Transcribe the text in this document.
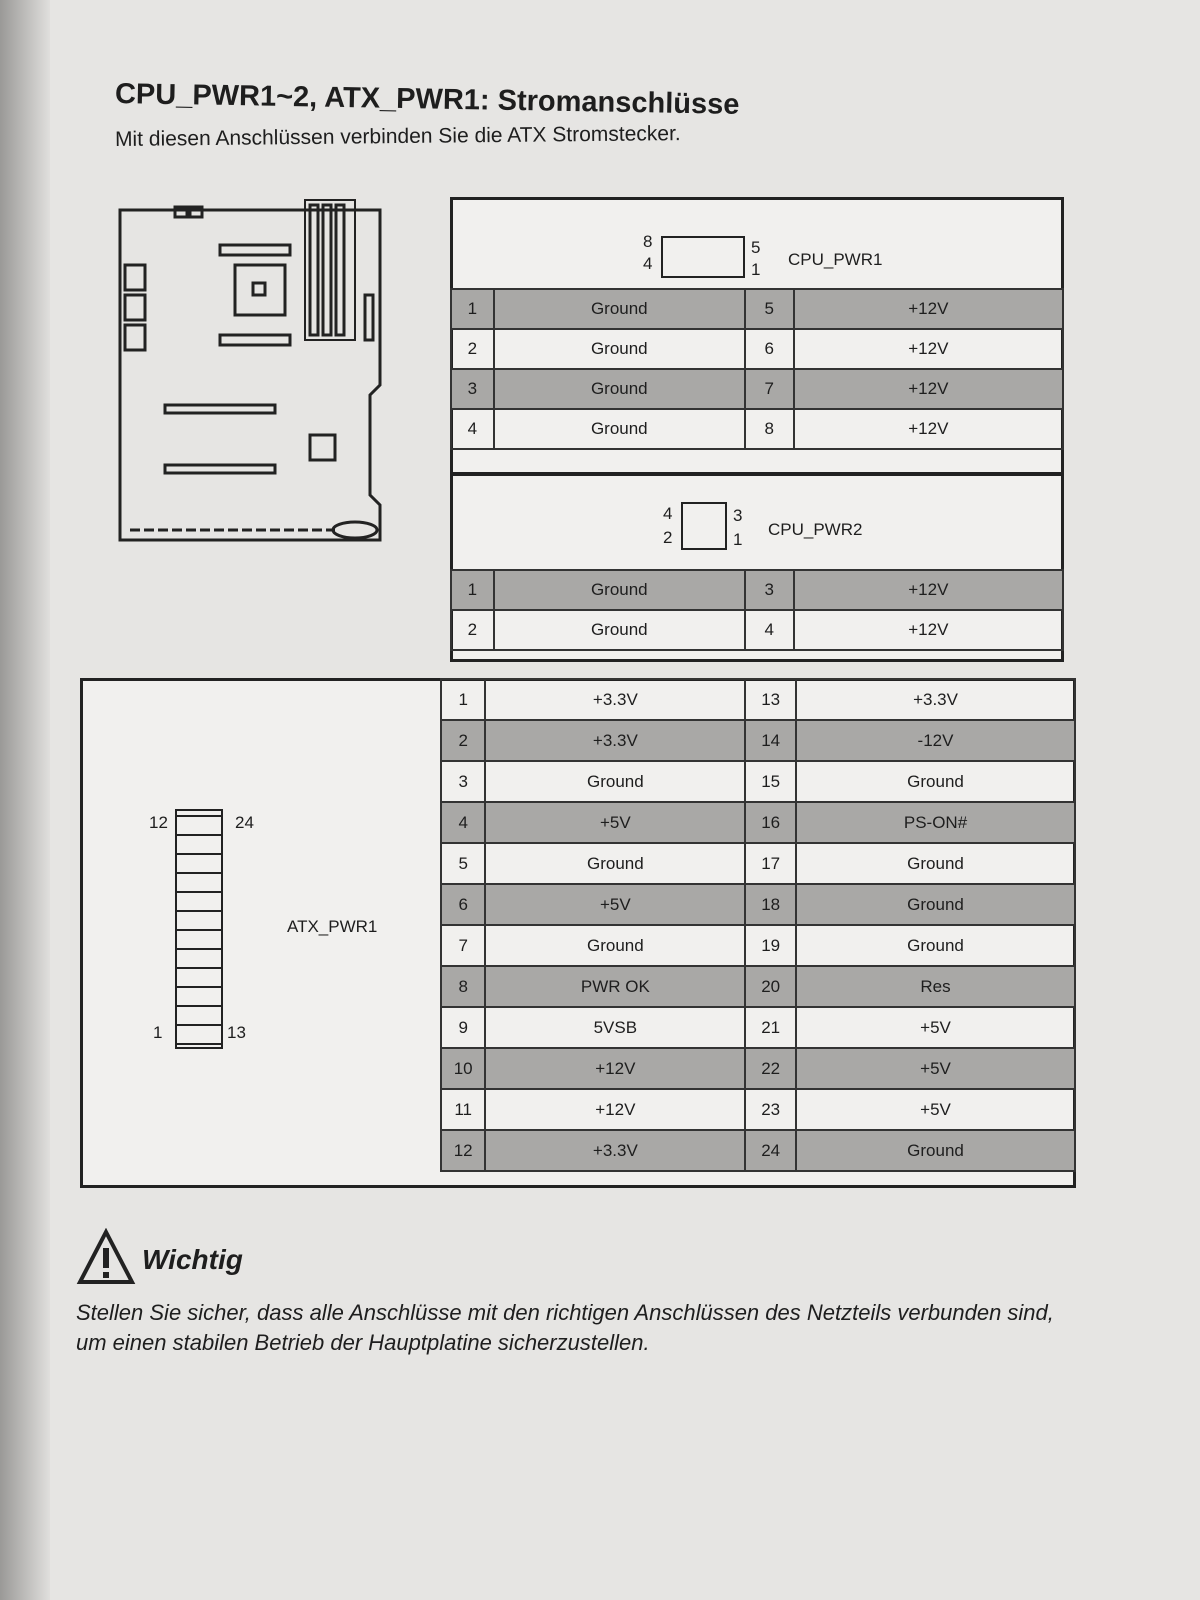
CPU_PWR1~2, ATX_PWR1: Stromanschlüsse
Mit diesen Anschlüssen verbinden Sie die ATX Stromstecker.
8
4
5
1
CPU_PWR1
1	Ground	5	+12V
2	Ground	6	+12V
3	Ground	7	+12V
4	Ground	8	+12V
4
2
3
1
CPU_PWR2
1	Ground	3	+12V
2	Ground	4	+12V
12
1
24
13
ATX_PWR1
1	+3.3V	13	+3.3V
2	+3.3V	14	-12V
3	Ground	15	Ground
4	+5V	16	PS-ON#
5	Ground	17	Ground
6	+5V	18	Ground
7	Ground	19	Ground
8	PWR OK	20	Res
9	5VSB	21	+5V
10	+12V	22	+5V
11	+12V	23	+5V
12	+3.3V	24	Ground
Wichtig
Stellen Sie sicher, dass alle Anschlüsse mit den richtigen Anschlüssen des Netzteils verbunden sind, um einen stabilen Betrieb der Hauptplatine sicherzustellen.
